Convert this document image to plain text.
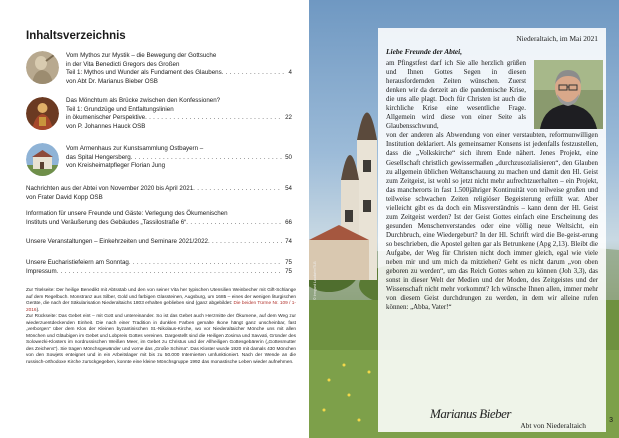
Inhaltsverzeichnis
Vom Mythos zur Mystik – die Bewegung der Gottsuche
in der Vita Benedicti Gregors des Großen
Teil 1: Mythos und Wunder als Fundament des Glaubens . . .	4
von Abt Dr. Marianus Bieber OSB
Das Mönchtum als Brücke zwischen den Konfessionen?
Teil 1: Grundzüge und Entfaltungslinien
in ökumenischer Perspektive . . .	22
von P. Johannes Hauck OSB
Vom Armenhaus zur Kunstsammlung Ostbayern –
das Spital Hengersberg . . .	50
von Kreisheimatpfleger Florian Jung
Nachrichten aus der Abtei von November 2020 bis April 2021 . . .	54
von Frater David Kopp OSB
Information für unsere Freunde und Gäste: Verlegung des Ökumenischen
Instituts und Veräußerung des Gebäudes „Tassilostraße 6“ . . .	66
Unsere Veranstaltungen – Einkehrzeiten und Seminare 2021/2022 . . .	74
Unsere Eucharistiefeiern am Sonntag . . .	75
Impressum . . .	75

Zur Titelseite: Der heilige Benedikt mit Abtsstab und den von seiner Vita her typischen Utensilien Weinbecher mit Gift-Schlange auf dem Regelbuch. Monstranz aus Silber, Gold und farbigen Glassteinen, Augsburg, um 1685 – eines der wenigen liturgischen Geräte, die nach der Säkularisation Niederaltaichs 1803 erhalten geblieben sind (ganz abgebildet: Die beiden Türme Nr. 109 / 1-2016).

Zur Rückseite: Das Gebet eint – mit Gott und untereinander. So ist das Gebet auch Herzmitte der Ökumene, auf dem Weg zur wiederzuentdeckenden Einheit. Die nach einer Tradition in dunklen Farben gemalte Ikone hängt ganz unscheinbar, fast „verborgen“ über dem Klos der Kleinen byzantinischen St.-Nikolaus-Kirche, wo vor Niederaltaicher Mönche uns mit allen Mönchen und Gläubigen im Gebet und Lobpreis Gottes vereinen. Dargestellt sind die Heiligen Zosima und Savvati, Gründer des Solowezki-Klosters im nordrussischen Weißen Meer, im Gebet zu Christus und der Allheiligen Gottesgebärerin („Gottesmutter des Zeichens“). Sie tragen Mönchsgewänder und vorne das „Große Schima“. Das Kloster wurde 1920 mit damals 430 Mönchen von den Sowjets enteignet und in ein Arbeitslager mit bis zu 50.000 Internierten umfunktioniert. Nach der Wende an die russisch-orthodoxe Kirche zurückgegeben, konnte eine kleine Mönchsgruppe 1992 das monastische Leben wieder aufnehmen.

© Irmgard Laudahn/TLB
Niederaltaich, im Mai 2021
Liebe Freunde der Abtei,
am Pfingstfest darf ich Sie alle herzlich grüßen und Ihnen Gottes Segen in diesen herausfordernden Zeiten wünschen. Zuerst denken wir da derzeit an die pandemische Krise, die uns alle plagt. Doch für Christen ist auch die kirchliche Krise eine wesentliche Frage. Allgemein wird diese von einer Seite als Glaubensschwund,
von der anderen als Abwendung von einer verstaubten, reformunwilligen Institution deklariert. Als gemeinsamer Konsens ist jedenfalls festzustellen, dass die „Volkskirche“ sich ihrem Ende nähert. Jenes Projekt, eine Gesellschaft christlich gewissermaßen „durchzusozialisieren“, den Glauben zu allgemein üblichen Weltanschauung zu machen und damit den Hl. Geist zum Zeitgeist, ist wohl so jetzt nicht mehr aufrechtzuerhalten – ein Projekt, das mancherorts in fast 1.500jähriger Kontinuität von teilweise großen und teilweise schwachen Zeiten religiöser Begeisterung erfüllt war. Aber vielleicht gibt es da doch ein Missverständnis – kann denn der Hl. Geist zum Zeitgeist werden? Ist der Geist Gottes einfach eine Erscheinung des gesunden Menschenverstandes oder eine völlig neue Weltsicht, ein Durchbruch, eine Wiedergeburt? In der Hl. Schrift wird die Be-geist-erung so beschrieben, die Apostel gelten gar als Betrunkene (Apg 2,13). Bleibt die Aufgabe, der Weg für Christen nicht doch immer gleich, egal wie viele neben mir und um mich da mitziehen? Geht es nicht darum „von oben geboren zu werden“, um das Reich Gottes sehen zu können (Joh 3,3), das sonst in dieser Welt der Medien und der Moden, des Zeitgeistes und der Wissenschaft nicht mehr vorkommt? Ich wünsche Ihnen allen, immer mehr von diesem Geist durchdrungen zu werden, in dem wir alleine rufen können: „Abba, Vater!“
Marianus Bieber
Abt von Niederaltaich
3
